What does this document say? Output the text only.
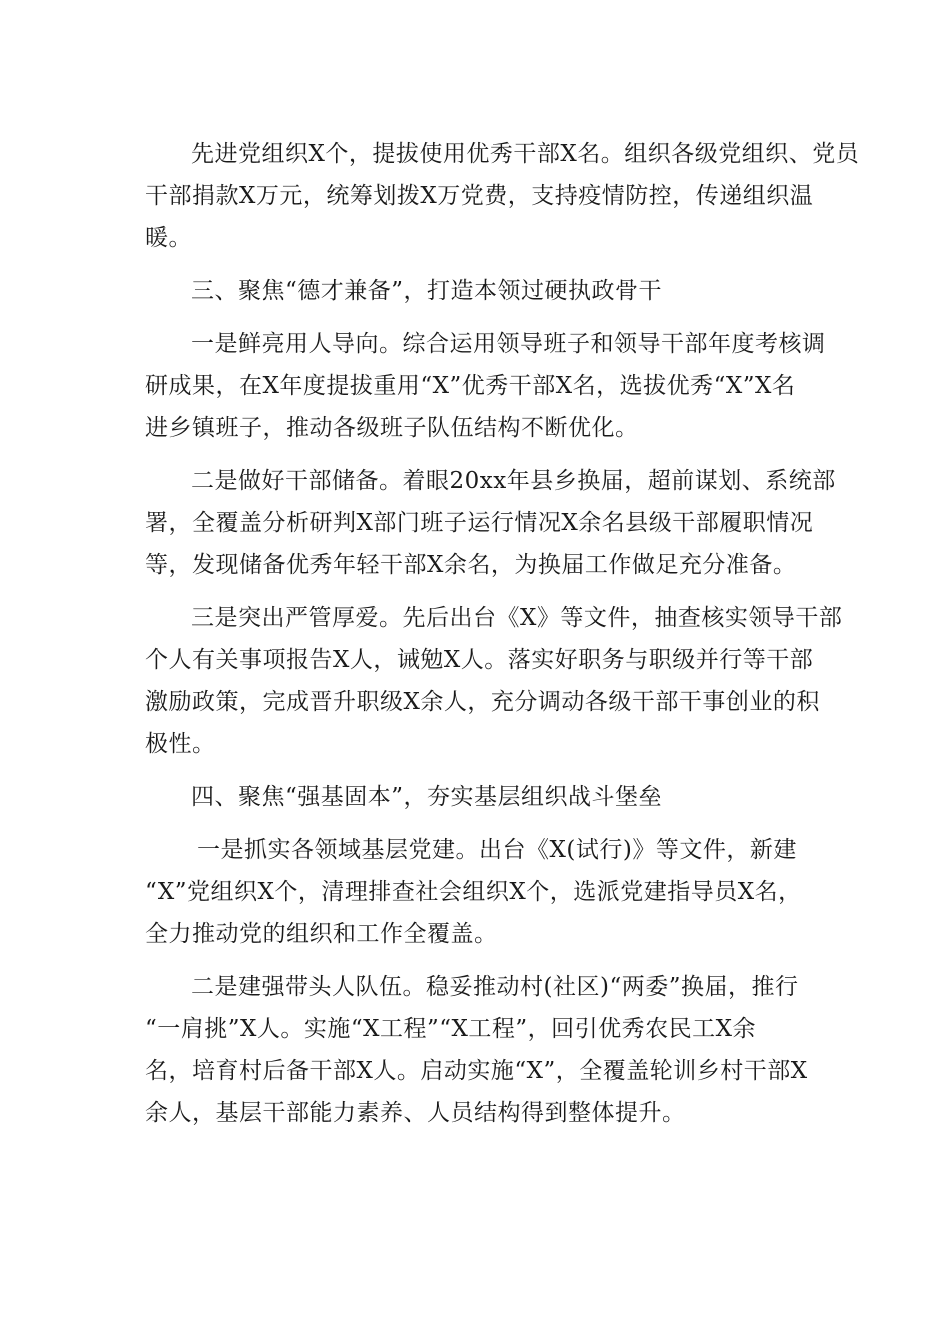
先进党组织X个，提拔使用优秀干部X名。组织各级党组织、党员
干部捐款X万元，统筹划拨X万党费，支持疫情防控，传递组织温
暖。
三、聚焦“德才兼备”，打造本领过硬执政骨干
一是鲜亮用人导向。综合运用领导班子和领导干部年度考核调
研成果，在X年度提拔重用“X”优秀干部X名，选拔优秀“X”X名
进乡镇班子，推动各级班子队伍结构不断优化。
二是做好干部储备。着眼20xx年县乡换届，超前谋划、系统部
署，全覆盖分析研判X部门班子运行情况X余名县级干部履职情况
等，发现储备优秀年轻干部X余名，为换届工作做足充分准备。
三是突出严管厚爱。先后出台《X》等文件，抽查核实领导干部
个人有关事项报告X人，诫勉X人。落实好职务与职级并行等干部
激励政策，完成晋升职级X余人，充分调动各级干部干事创业的积
极性。
四、聚焦“强基固本”，夯实基层组织战斗堡垒
一是抓实各领域基层党建。出台《X(试行)》等文件，新建
“X”党组织X个，清理排查社会组织X个，选派党建指导员X名，
全力推动党的组织和工作全覆盖。
二是建强带头人队伍。稳妥推动村(社区)“两委”换届，推行
“一肩挑”X人。实施“X工程”“X工程”，回引优秀农民工X余
名，培育村后备干部X人。启动实施“X”，全覆盖轮训乡村干部X
余人，基层干部能力素养、人员结构得到整体提升。
